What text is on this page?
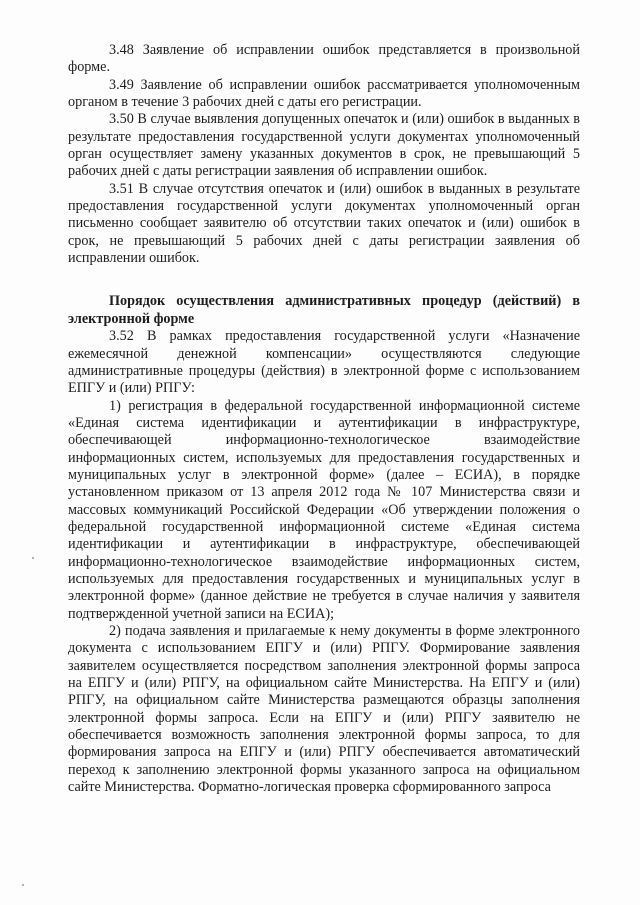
3.48 Заявление об исправлении ошибок представляется в произвольной форме.

3.49 Заявление об исправлении ошибок рассматривается уполномоченным органом в течение 3 рабочих дней с даты его регистрации.

3.50 В случае выявления допущенных опечаток и (или) ошибок в выданных в результате предоставления государственной услуги документах уполномоченный орган осуществляет замену указанных документов в срок, не превышающий 5 рабочих дней с даты регистрации заявления об исправлении ошибок.

3.51 В случае отсутствия опечаток и (или) ошибок в выданных в результате предоставления государственной услуги документах уполномоченный орган письменно сообщает заявителю об отсутствии таких опечаток и (или) ошибок в срок, не превышающий 5 рабочих дней с даты регистрации заявления об исправлении ошибок.

Порядок осуществления административных процедур (действий) в электронной форме

3.52 В рамках предоставления государственной услуги «Назначение ежемесячной денежной компенсации» осуществляются следующие административные процедуры (действия) в электронной форме с использованием ЕПГУ и (или) РПГУ:

1) регистрация в федеральной государственной информационной системе «Единая система идентификации и аутентификации в инфраструктуре, обеспечивающей информационно-технологическое взаимодействие информационных систем, используемых для предоставления государственных и муниципальных услуг в электронной форме» (далее – ЕСИА), в порядке установленном приказом от 13 апреля 2012 года № 107 Министерства связи и массовых коммуникаций Российской Федерации «Об утверждении положения о федеральной государственной информационной системе «Единая система идентификации и аутентификации в инфраструктуре, обеспечивающей информационно-технологическое взаимодействие информационных систем, используемых для предоставления государственных и муниципальных услуг в электронной форме» (данное действие не требуется в случае наличия у заявителя подтвержденной учетной записи на ЕСИА);

2) подача заявления и прилагаемые к нему документы в форме электронного документа с использованием ЕПГУ и (или) РПГУ. Формирование заявления заявителем осуществляется посредством заполнения электронной формы запроса на ЕПГУ и (или) РПГУ, на официальном сайте Министерства. На ЕПГУ и (или) РПГУ, на официальном сайте Министерства размещаются образцы заполнения электронной формы запроса. Если на ЕПГУ и (или) РПГУ заявителю не обеспечивается возможность заполнения электронной формы запроса, то для формирования запроса на ЕПГУ и (или) РПГУ обеспечивается автоматический переход к заполнению электронной формы указанного запроса на официальном сайте Министерства. Форматно-логическая проверка сформированного запроса
